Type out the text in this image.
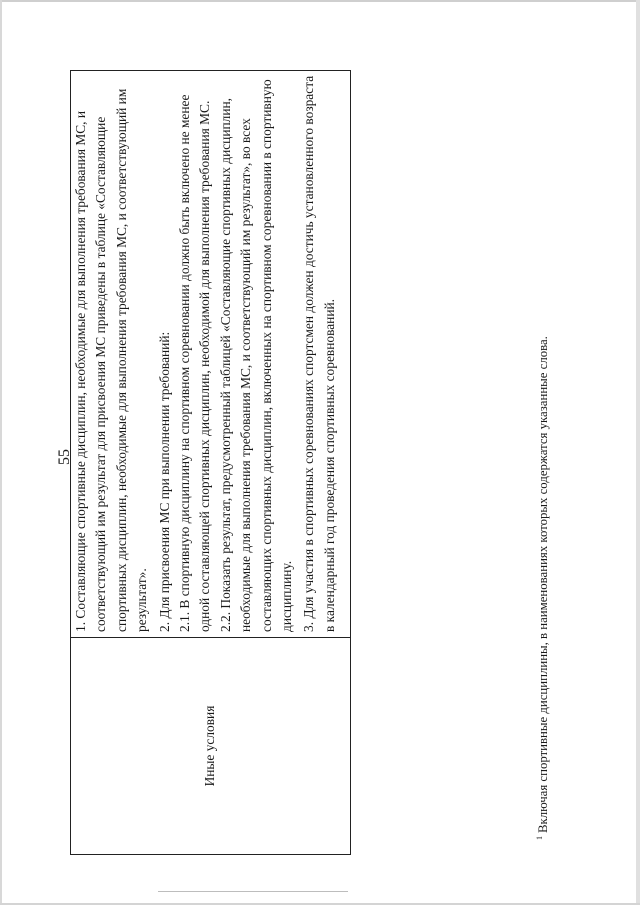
55
Иные условия	

1. Составляющие спортивные дисциплин, необходимые для выполнения требования МС, и соответствующий им результат для присвоения МС приведены в таблице «Составляющие спортивных дисциплин, необходимые для выполнения требования МС, и соответствующий им результат». 2. Для присвоения МС при выполнении требований: 2.1. В спортивную дисциплину на спортивном соревновании должно быть включено не менее одной составляющей спортивных дисциплин, необходимой для выполнения требования МС. 2.2. Показать результат, предусмотренный таблицей «Составляющие спортивных дисциплин, необходимые для выполнения требования МС, и соответствующий им результат», во всех составляющих спортивных дисциплин, включенных на спортивном соревновании в спортивную дисциплину. 3. Для участия в спортивных соревнованиях спортсмен должен достичь установленного возраста в календарный год проведения спортивных соревнований.

$^1$Включая спортивные дисциплины, в наименованиях которых содержатся указанные слова.
